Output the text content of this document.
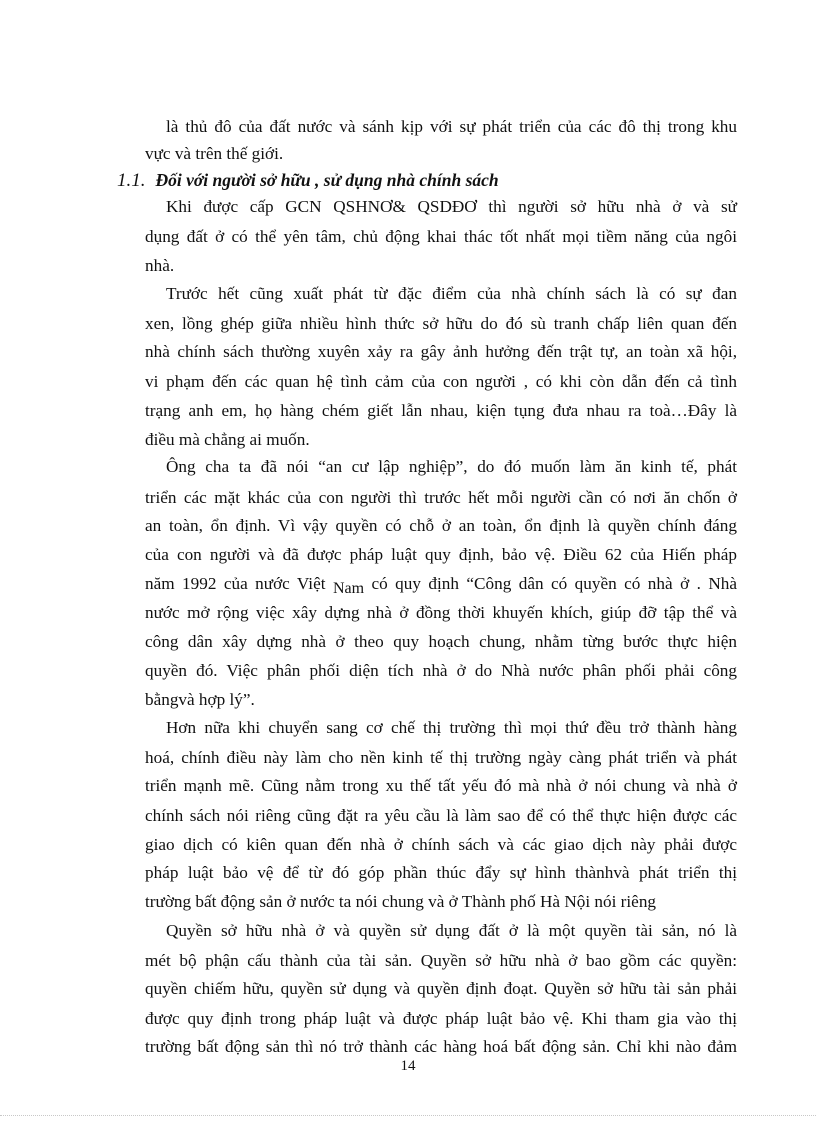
là thủ đô của đất nước và sánh kịp với sự phát triển của các đô thị trong khu
vực và trên thế giới.
1.1. Đối với người sở hữu , sử dụng nhà chính sách
Khi được cấp GCN QSHNƠ& QSDĐƠ thì người sở hữu nhà ở và sử
dụng đất ở có thể yên tâm, chủ động khai thác tốt nhất mọi tiềm năng của ngôi
nhà.
Trước hết cũng xuất phát từ đặc điểm của nhà chính sách là có sự đan
xen, lồng ghép giữa nhiều hình thức sở hữu do đó sù tranh chấp liên quan đến
nhà chính sách thường xuyên xảy ra gây ảnh hưởng đến trật tự, an toàn xã hội,
vi phạm đến các quan hệ tình cảm của con người , có khi còn dẫn đến cả tình
trạng anh em, họ hàng chém giết lẫn nhau, kiện tụng đưa nhau ra toà…Đây là
điều mà chẳng ai muốn.
Ông cha ta đã nói “an cư lập nghiệp”, do đó muốn làm ăn kinh tế, phát
triển các mặt khác của con người thì trước hết mỗi người cần có nơi ăn chốn ở
an toàn, ổn định. Vì vậy quyền có chỗ ở an toàn, ổn định là quyền chính đáng
của con người và đã được pháp luật quy định, bảo vệ. Điều 62 của Hiến pháp
năm 1992 của nước Việt Nam có quy định “Công dân có quyền có nhà ở . Nhà
nước mở rộng việc xây dựng nhà ở đồng thời khuyến khích, giúp đỡ tập thể và
công dân xây dựng nhà ở theo quy hoạch chung, nhằm từng bước thực hiện
quyền đó. Việc phân phối diện tích nhà ở do Nhà nước phân phối phải công
bằngvà hợp lý”.
Hơn nữa khi chuyển sang cơ chế thị trường thì mọi thứ đều trở thành hàng
hoá, chính điều này làm cho nền kinh tế thị trường ngày càng phát triển và phát
triển mạnh mẽ. Cũng nằm trong xu thế tất yếu đó mà nhà ở nói chung và nhà ở
chính sách nói riêng cũng đặt ra yêu cầu là làm sao để có thể thực hiện được các
giao dịch có kiên quan đến nhà ở chính sách và các giao dịch này phải được
pháp luật bảo vệ để từ đó góp phần thúc đẩy sự hình thànhvà phát triển thị
trường bất động sản ở nước ta nói chung và ở Thành phố Hà Nội nói riêng
Quyền sở hữu nhà ở và quyền sử dụng đất ở là một quyền tài sản, nó là
mét bộ phận cấu thành của tài sản. Quyền sở hữu nhà ở bao gồm các quyền:
quyền chiếm hữu, quyền sử dụng và quyền định đoạt. Quyền sở hữu tài sản phải
được quy định trong pháp luật và được pháp luật bảo vệ. Khi tham gia vào thị
trường bất động sản thì nó trở thành các hàng hoá bất động sản. Chỉ khi nào đảm
14
